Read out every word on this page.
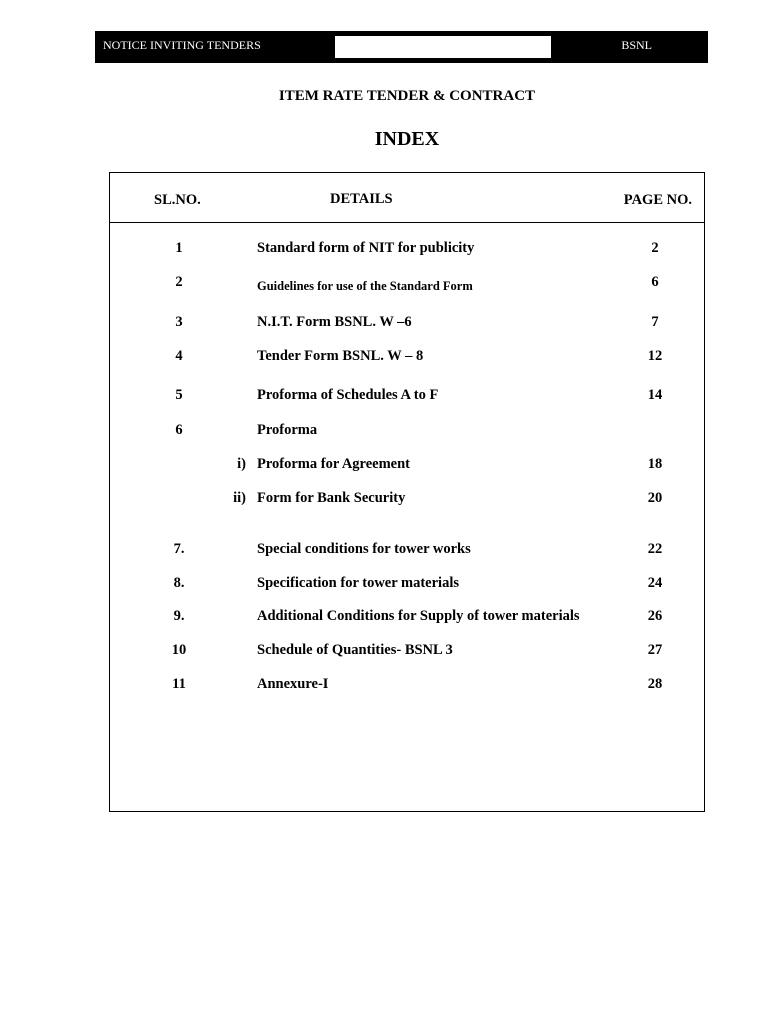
NOTICE INVITING TENDERS	BSNL
ITEM RATE TENDER & CONTRACT
INDEX
SL.NO.	DETAILS	PAGE NO.
1	Standard form of NIT for publicity	2
2	Guidelines for use of the Standard Form	6
3	N.I.T. Form BSNL. W –6	7
4	Tender Form BSNL. W – 8	12
5	Proforma of Schedules A to F	14
6	Proforma
i) Proforma for Agreement	18
ii) Form for Bank Security	20
7.	Special conditions for tower works	22
8.	Specification for tower materials	24
9.	Additional Conditions for Supply of tower materials	26
10	Schedule of Quantities- BSNL 3	27
11	Annexure-I	28
